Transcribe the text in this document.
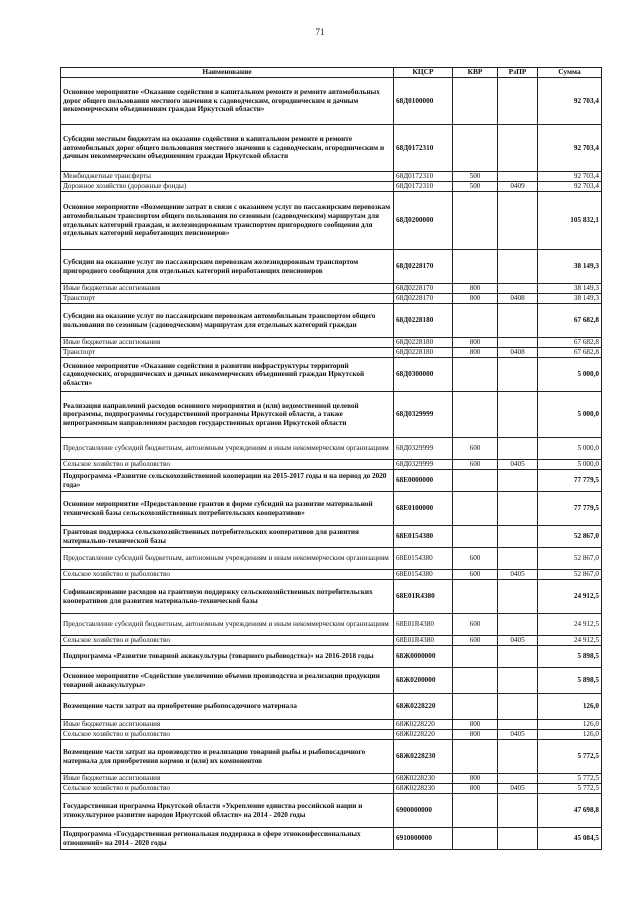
71
Наименование	КЦСР	КВР	РзПР	Сумма
Основное мероприятие «Оказание содействия в капитальном ремонте и ремонте автомобильных дорог общего пользования местного значения к садоводческим, огородническим и дачным некоммерческим объединениям граждан Иркутской области»	68Д0100000			92 703,4
Субсидии местным бюджетам на оказание содействия в капитальном ремонте и ремонте автомобильных дорог общего пользования местного значения к садоводческим, огородническим и дачным некоммерческим объединениям граждан Иркутской области	68Д0172310			92 703,4
Межбюджетные трансферты	68Д0172310	500		92 703,4
Дорожное хозяйство (дорожные фонды)	68Д0172310	500	0409	92 703,4
Основное мероприятие «Возмещение затрат в связи с оказанием услуг по пассажирским перевозкам автомобильным транспортом общего пользования по сезонным (садоводческим) маршрутам для отдельных категорий граждан, и железнодорожным транспортом пригородного сообщения для отдельных категорий неработающих пенсионеров»	68Д0200000			105 832,1
Субсидии на оказание услуг по пассажирским перевозкам железнодорожным транспортом пригородного сообщения для отдельных категорий неработающих пенсионеров	68Д0228170			38 149,3
Иные бюджетные ассигнования	68Д0228170	800		38 149,3
Транспорт	68Д0228170	800	0408	38 149,3
Субсидии на оказание услуг по пассажирским перевозкам автомобильным транспортом общего пользования по сезонным (садоводческим) маршрутам для отдельных категорий граждан	68Д0228180			67 682,8
Иные бюджетные ассигнования	68Д0228180	800		67 682,8
Транспорт	68Д0228180	800	0408	67 682,8
Основное мероприятие «Оказание содействия в развитии инфраструктуры территорий садоводческих, огороднических и дачных некоммерческих объединений граждан Иркутской области»	68Д0300000			5 000,0
Реализация направлений расходов основного мероприятия и (или) ведомственной целевой программы, подпрограммы государственной программы Иркутской области, а также непрограммным направлениям расходов государственных органов Иркутской области	68Д0329999			5 000,0
Предоставление субсидий бюджетным, автономным учреждениям и иным некоммерческим организациям	68Д0329999	600		5 000,0
Сельское хозяйство и рыболовство	68Д0329999	600	0405	5 000,0
Подпрограмма «Развитие сельскохозяйственной кооперации на 2015-2017 годы и на период до 2020 года»	68Е0000000			77 779,5
Основное мероприятие «Предоставление грантов в форме субсидий на развитие материальной технической базы сельскохозяйственных потребительских кооперативов»	68Е0100000			77 779,5
Грантовая поддержка сельскохозяйственных потребительских кооперативов для развития материально-технической базы	68Е0154380			52 867,0
Предоставление субсидий бюджетным, автономным учреждениям и иным некоммерческим организациям	68Е0154380	600		52 867,0
Сельское хозяйство и рыболовство	68Е0154380	600	0405	52 867,0
Софинансирование расходов на грантовую поддержку сельскохозяйственных потребительских кооперативов для развития материально-технической базы	68Е01R4380			24 912,5
Предоставление субсидий бюджетным, автономным учреждениям и иным некоммерческим организациям	68Е01R4380	600		24 912,5
Сельское хозяйство и рыболовство	68Е01R4380	600	0405	24 912,5
Подпрограмма «Развитие товарной аквакультуры (товарного рыбоводства)» на 2016-2018 годы	68Ж0000000			5 898,5
Основное мероприятие «Содействие увеличению объемов производства и реализации продукции товарной аквакультуры»	68Ж0200000			5 898,5
Возмещение части затрат на приобретение рыбопосадочного материала	68Ж0228220			126,0
Иные бюджетные ассигнования	68Ж0228220	800		126,0
Сельское хозяйство и рыболовство	68Ж0228220	800	0405	126,0
Возмещение части затрат на производство и реализацию товарной рыбы и рыбопосадочного материала для приобретения кормов и (или) их компонентов	68Ж0228230			5 772,5
Иные бюджетные ассигнования	68Ж0228230	800		5 772,5
Сельское хозяйство и рыболовство	68Ж0228230	800	0405	5 772,5
Государственная программа Иркутской области «Укрепление единства российской нации и этнокультурное развитие народов Иркутской области» на 2014 - 2020 годы	6900000000			47 698,8
Подпрограмма «Государственная региональная поддержка в сфере этноконфессиональных отношений» на 2014 - 2020 годы	6910000000			45 084,5
